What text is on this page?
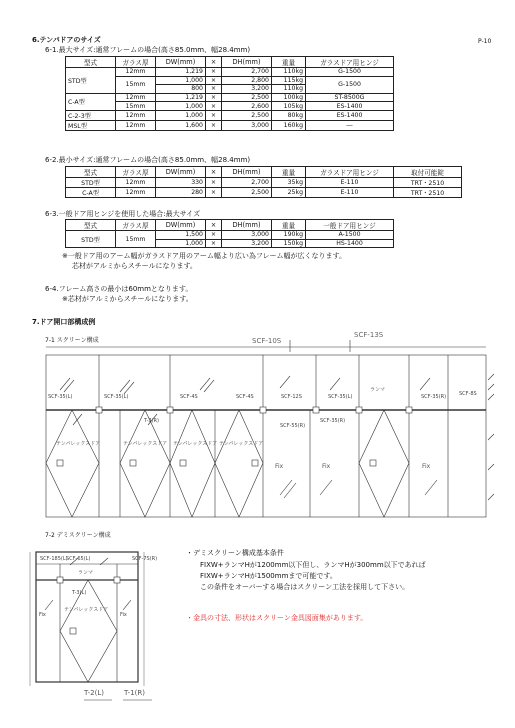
6.テンパドアのサイズ	P-10
6-1.最大サイズ:通常フレームの場合(高さ85.0mm、幅28.4mm)
型式	ガラス厚	DW(mm)	×	DH(mm)	重量	ガラスドア用ヒンジ
STD型	12mm	1,219	×	2,700	110kg	G-1500
	15mm	1,000	×	2,800	115kg	G-1500
		800	×	3,200	110kg	
C-A型	12mm	1,219	×	2,500	100kg	ST-8500G
	15mm	1,000	×	2,600	105kg	ES-1400
C-2-3型	12mm	1,000	×	2,500	80kg	ES-1400
MSL型	12mm	1,600	×	3,000	160kg	―
6-2.最小サイズ:通常フレームの場合(高さ85.0mm、幅28.4mm)
型式	ガラス厚	DW(mm)	×	DH(mm)	重量	ガラスドア用ヒンジ	取付可能錠
STD型	12mm	330	×	2,700	35kg	E-110	TRT・2510
C-A型	12mm	280	×	2,500	25kg	E-110	TRT・2510
6-3.一般ドア用ヒンジを使用した場合:最大サイズ
型式	ガラス厚	DW(mm)	×	DH(mm)	重量	一般ドア用ヒンジ
STD型	15mm	1,500	×	3,000	190kg	A-1500
		1,000	×	3,200	150kg	HS-1400
※一般ドア用のアーム幅がガラスドア用のアーム幅より広い為フレーム幅が広くなります。
芯材がアルミからスチールになります。
6-4.フレーム高さの最小は60mmとなります。
※芯材がアルミからスチールになります。
7.ドア開口部構成例
7-1 スクリーン構成	SCF-10S
SCF-13S
SCF-35(L)	SCF-35(L)	SCF-4S	SCF-4S	SCF-12S	SCF-35(L)	SCF-35(R)	SCF-8S
T-3(R)	SCF-35(R)
ランマ
SCF-55(R)
テンパレックスドア	テンパレックスドア テンパレックスドア テンパレックスドア
Fix	Fix	Fix
7-2 デミスクリーン構成
SCF-185(L)
SCF-65(L)	SCF-7S(R)
ランマ
T-3(L)
テンパレックスドア
Fix	Fix
T-2(L)	T-1(R)
・デミスクリーン構成基本条件
FIXW+ランマHが1200mm以下但し、ランマHが300mm以下であれば
FIXW+ランマHが1500mmまで可能です。
この条件をオーバーする場合はスクリーン工法を採用して下さい。
・金具の寸法、形状はスクリーン金具図面集があります。
